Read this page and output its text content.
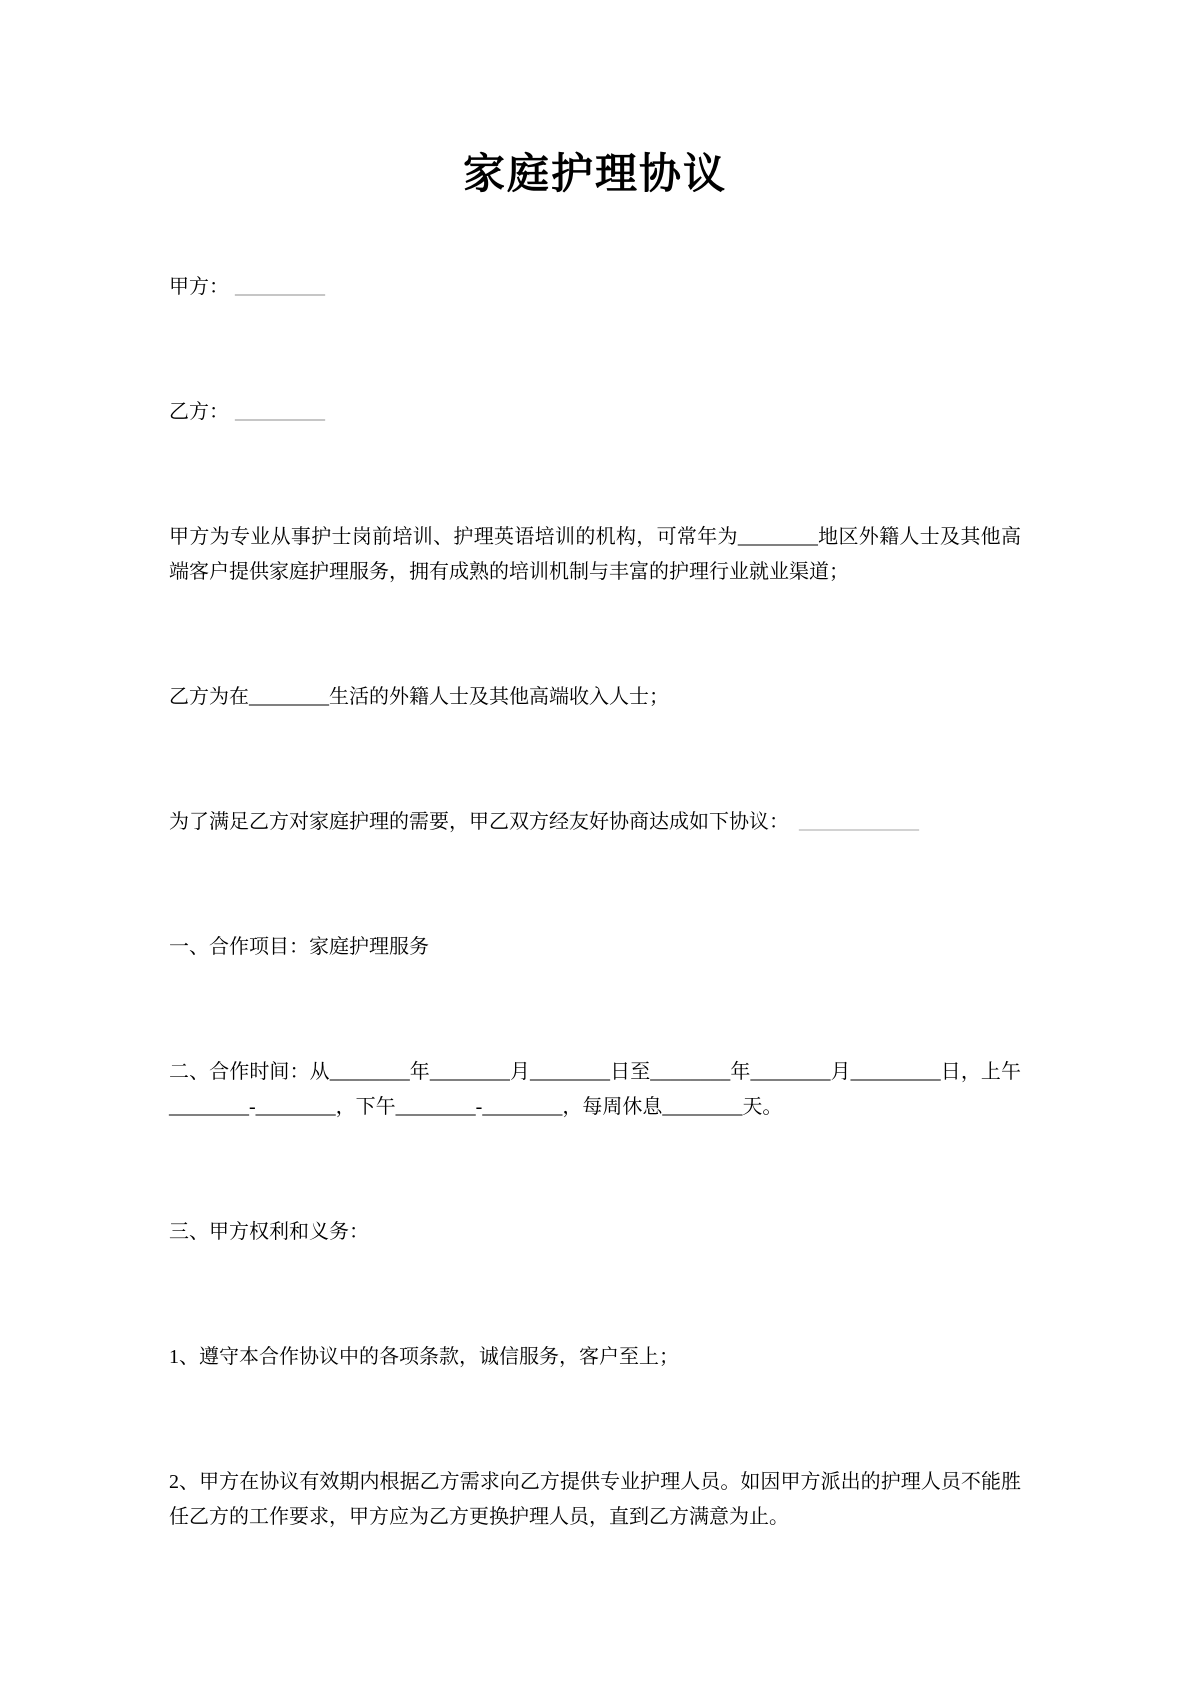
家庭护理协议

甲方： _________

乙方： _________

甲方为专业从事护士岗前培训、护理英语培训的机构，可常年为________地区外籍人士及其他高端客户提供家庭护理服务，拥有成熟的培训机制与丰富的护理行业就业渠道；

乙方为在________生活的外籍人士及其他高端收入人士；

为了满足乙方对家庭护理的需要，甲乙双方经友好协商达成如下协议： ____________

一、合作项目：家庭护理服务

二、合作时间：从________年________月________日至________年________月_________日，上午________-________，下午________-________，每周休息________天。

三、甲方权利和义务：

1、遵守本合作协议中的各项条款，诚信服务，客户至上；

2、甲方在协议有效期内根据乙方需求向乙方提供专业护理人员。如因甲方派出的护理人员不能胜任乙方的工作要求，甲方应为乙方更换护理人员，直到乙方满意为止。
